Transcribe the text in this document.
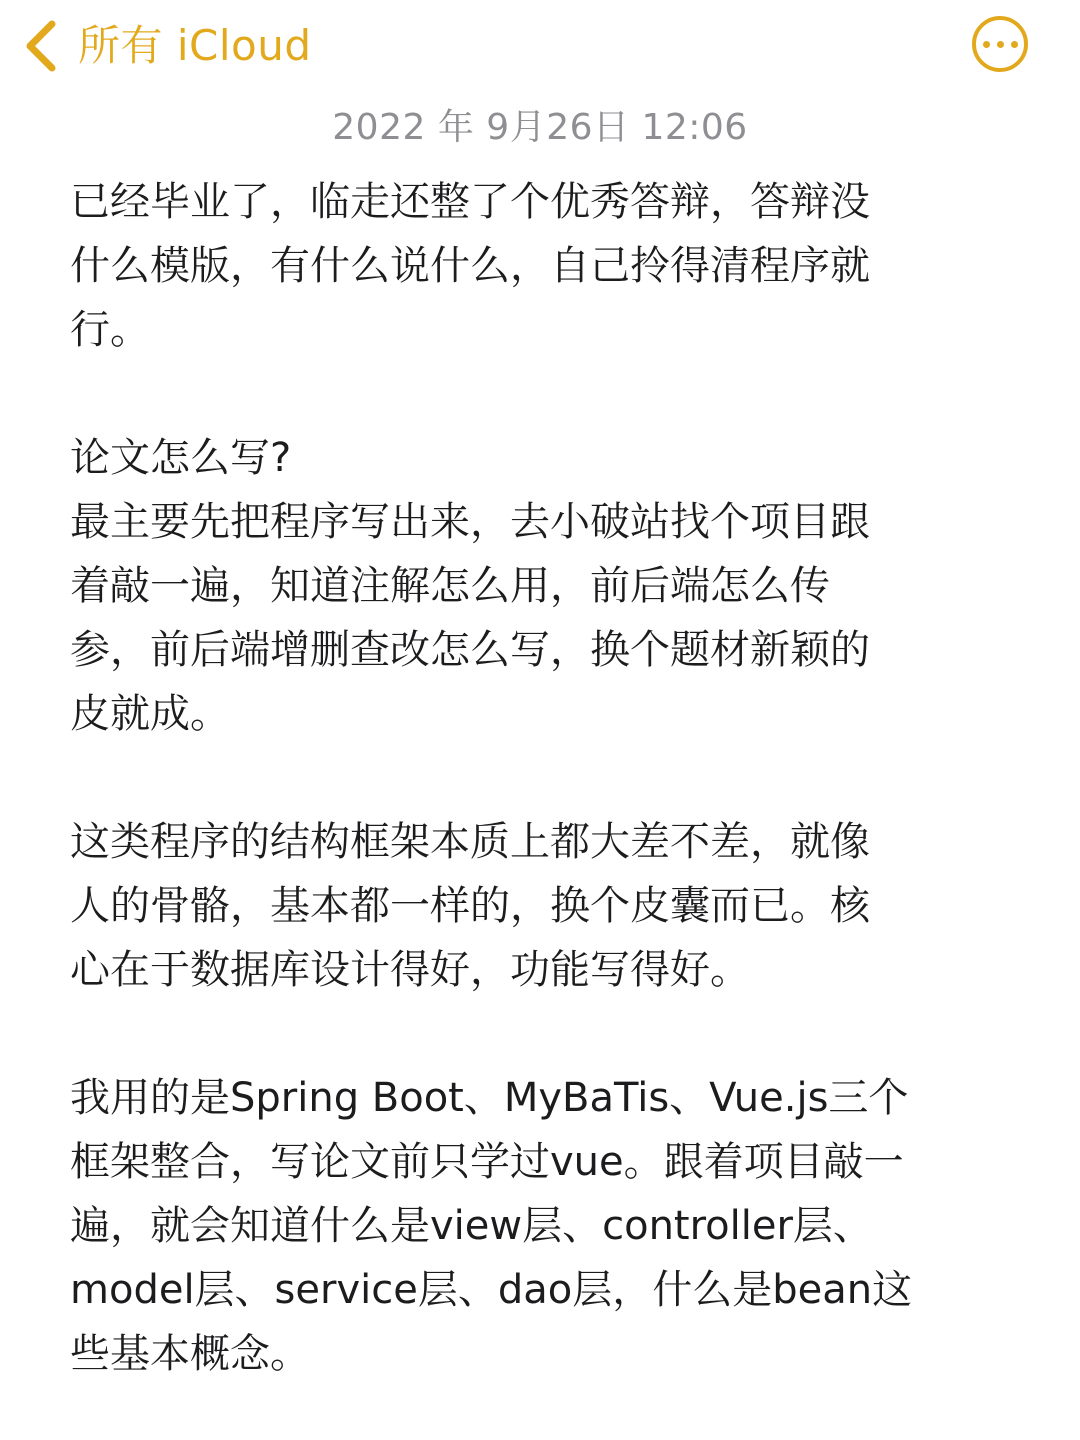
所有 iCloud
2022 年 9月26日 12:06

已经毕业了，临走还整了个优秀答辩，答辩没

什么模版，有什么说什么，自己拎得清程序就

行。

论文怎么写?

最主要先把程序写出来，去小破站找个项目跟

着敲一遍，知道注解怎么用，前后端怎么传

参，前后端增删查改怎么写，换个题材新颖的

皮就成。

这类程序的结构框架本质上都大差不差，就像

人的骨骼，基本都一样的，换个皮囊而已。核

心在于数据库设计得好，功能写得好。

我用的是Spring Boot、MyBaTis、Vue.js三个

框架整合，写论文前只学过vue。跟着项目敲一

遍，就会知道什么是view层、controller层、

model层、service层、dao层，什么是bean这

些基本概念。
